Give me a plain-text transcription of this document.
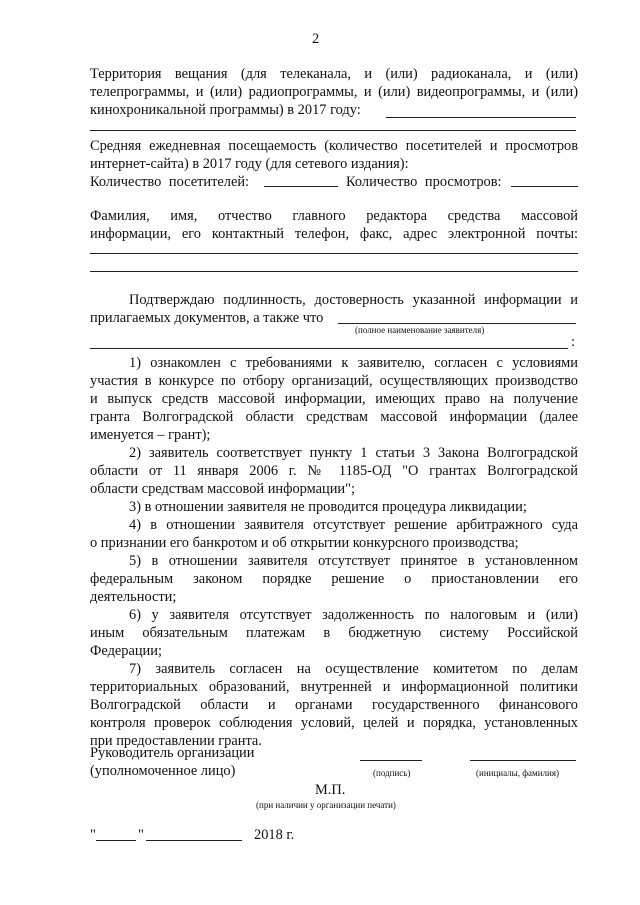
2
Территория вещания (для телеканала, и (или) радиоканала, и (или)
телепрограммы, и (или) радиопрограммы, и (или) видеопрограммы, и (или)
кинохроникальной программы) в 2017 году:
Средняя ежедневная посещаемость (количество посетителей и просмотров
интернет-сайта) в 2017 году (для сетевого издания):
Количество посетителей:	Количество просмотров:
Фамилия, имя, отчество главного редактора средства массовой
информации, его контактный телефон, факс, адрес электронной почты:
Подтверждаю подлинность, достоверность указанной информации и
прилагаемых документов, а также что
(полное наименование заявителя)
:
1) ознакомлен с требованиями к заявителю, согласен с условиями
участия в конкурсе по отбору организаций, осуществляющих производство
и выпуск средств массовой информации, имеющих право на получение
гранта Волгоградской области средствам массовой информации (далее
именуется – грант);
2) заявитель соответствует пункту 1 статьи 3 Закона Волгоградской
области от 11 января 2006 г. № 1185-ОД "О грантах Волгоградской
области средствам массовой информации";
3) в отношении заявителя не проводится процедура ликвидации;
4) в отношении заявителя отсутствует решение арбитражного суда
о признании его банкротом и об открытии конкурсного производства;
5) в отношении заявителя отсутствует принятое в установленном
федеральным законом порядке решение о приостановлении его
деятельности;
6) у заявителя отсутствует задолженность по налоговым и (или)
иным обязательным платежам в бюджетную систему Российской
Федерации;
7) заявитель согласен на осуществление комитетом по делам
территориальных образований, внутренней и информационной политики
Волгоградской области и органами государственного финансового
контроля проверок соблюдения условий, целей и порядка, установленных
при предоставлении гранта.
Руководитель организации
(уполномоченное лицо)	(подпись)	(инициалы, фамилия)
М.П.
(при наличии у организации печати)
"	"	2018 г.
